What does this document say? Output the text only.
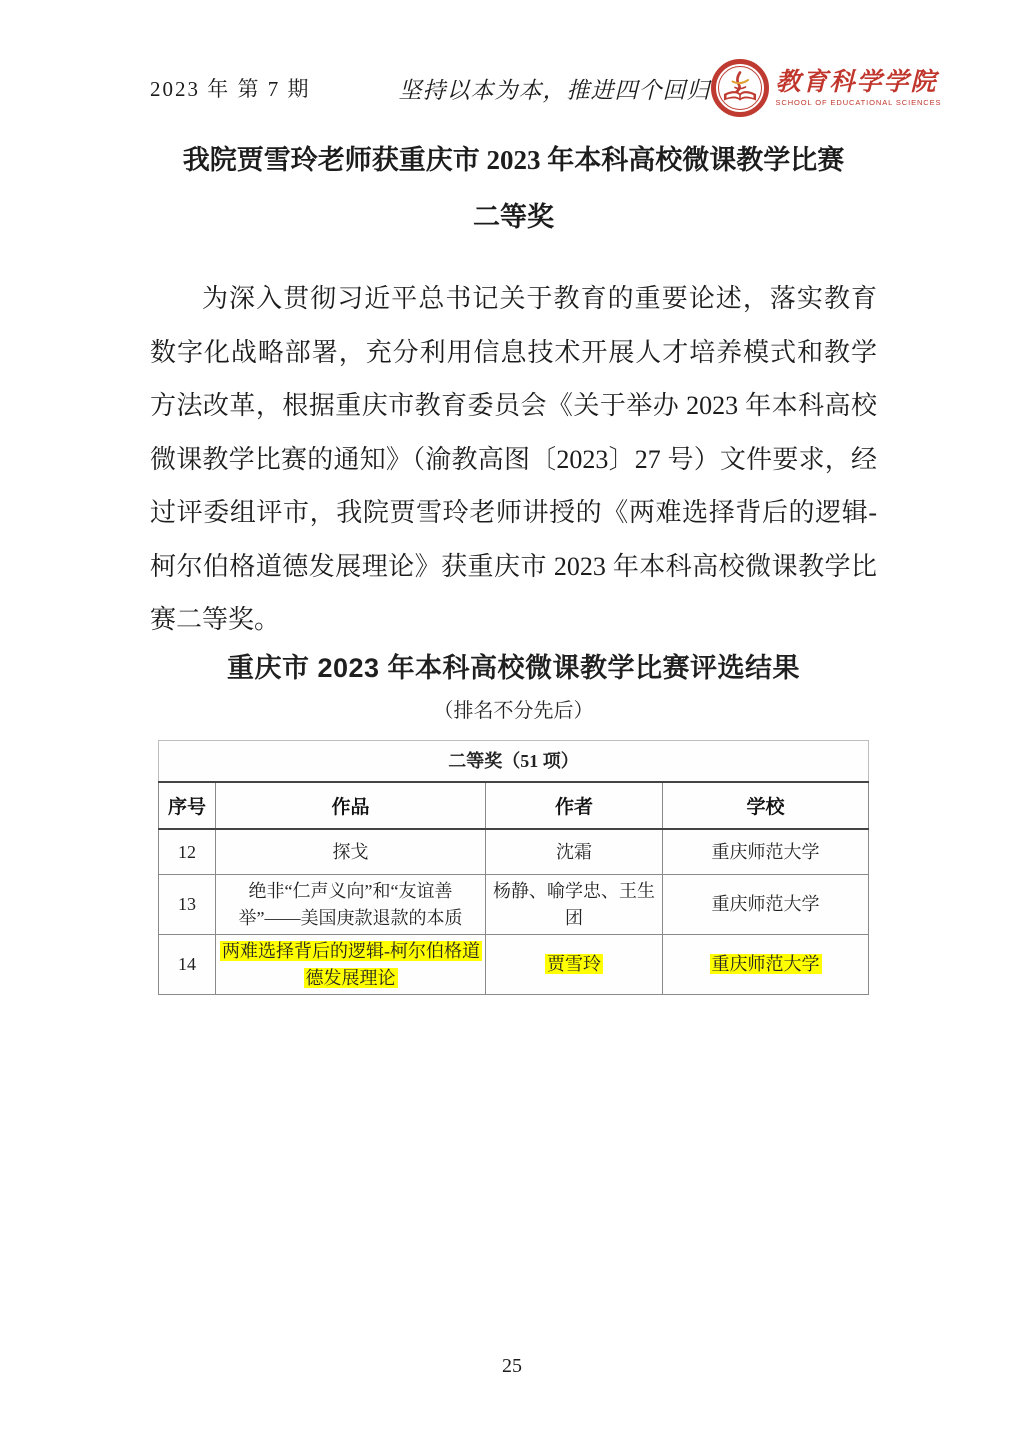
2023 年 第 7 期	坚持以本为本，推进四个回归	教育科学学院
SCHOOL OF EDUCATIONAL SCIENCES
我院贾雪玲老师获重庆市 2023 年本科高校微课教学比赛
二等奖
为深入贯彻习近平总书记关于教育的重要论述，落实教育数字化战略部署，充分利用信息技术开展人才培养模式和教学方法改革，根据重庆市教育委员会《关于举办 2023 年本科高校微课教学比赛的通知》（渝教高图〔2023〕27 号）文件要求，经过评委组评市，我院贾雪玲老师讲授的《两难选择背后的逻辑-柯尔伯格道德发展理论》获重庆市 2023 年本科高校微课教学比赛二等奖。
重庆市 2023 年本科高校微课教学比赛评选结果
（排名不分先后）
二等奖（51 项）			
序号	作品	作者	学校
12	探戈	沈霜	重庆师范大学
13	绝非“仁声义向”和“友谊善举”——美国庚款退款的本质	杨静、喻学忠、王生团	重庆师范大学
14	两难选择背后的逻辑-柯尔伯格道德发展理论	贾雪玲	重庆师范大学
25
